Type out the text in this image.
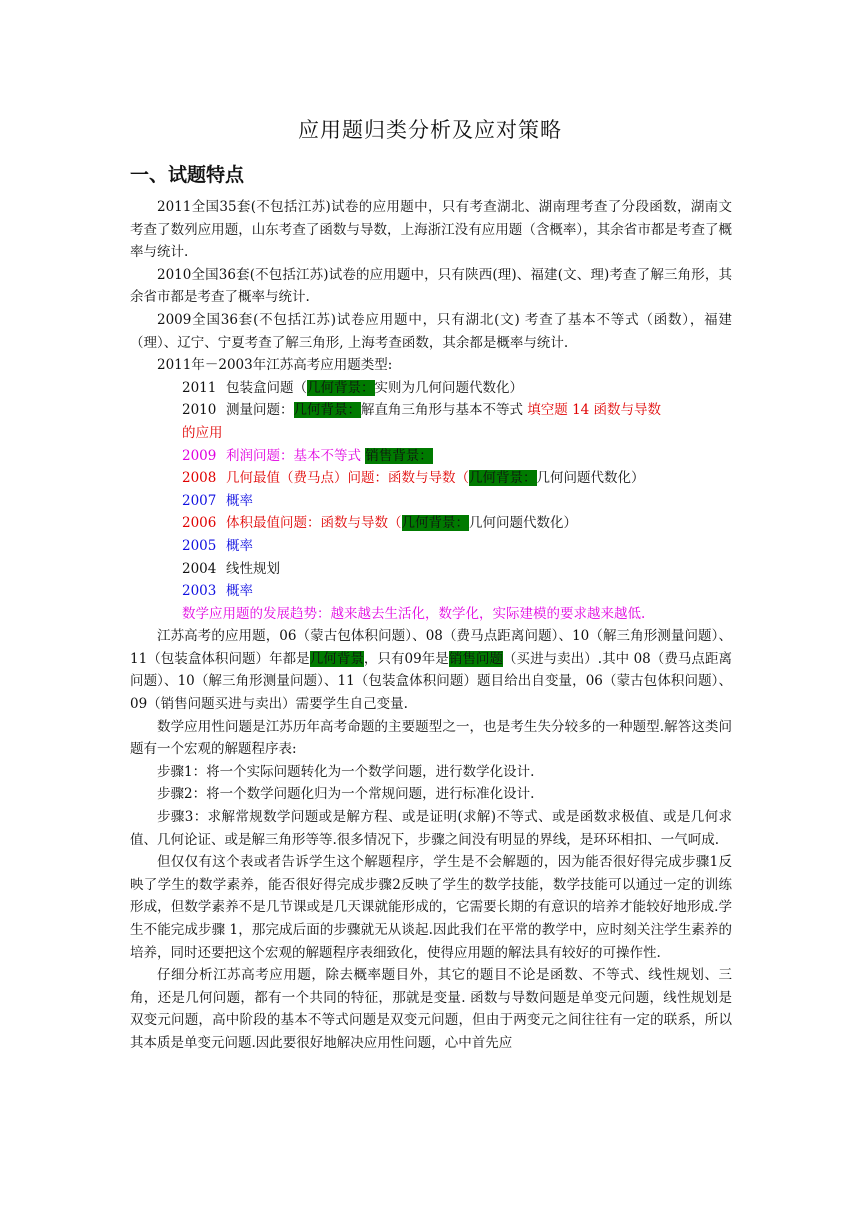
应用题归类分析及应对策略
一、试题特点

2011全国35套(不包括江苏)试卷的应用题中，只有考查湖北、湖南理考查了分段函数，湖南文考查了数列应用题，山东考查了函数与导数，上海浙江没有应用题（含概率），其余省市都是考查了概率与统计.

2010全国36套(不包括江苏)试卷的应用题中，只有陕西(理)、福建(文、理)考查了解三角形，其余省市都是考查了概率与统计.

2009全国36套(不包括江苏)试卷应用题中，只有湖北(文) 考查了基本不等式（函数），福建（理）、辽宁、宁夏考查了解三角形, 上海考查函数，其余都是概率与统计.

2011年－2003年江苏高考应用题类型:

2011 包装盒问题（几何背景：实则为几何问题代数化）

2010 测量问题：几何背景：解直角三角形与基本不等式 填空题 14 函数与导数
的应用

2009 利润问题：基本不等式 销售背景：

2008 几何最值（费马点）问题：函数与导数（几何背景：几何问题代数化）

2007 概率

2006 体积最值问题：函数与导数（几何背景：几何问题代数化）

2005 概率

2004 线性规划

2003 概率

数学应用题的发展趋势：越来越去生活化，数学化，实际建模的要求越来越低.

江苏高考的应用题，06（蒙古包体积问题）、08（费马点距离问题）、10（解三角形测量问题）、11（包装盒体积问题）年都是几何背景，只有09年是销售问题（买进与卖出）.其中 08（费马点距离问题）、10（解三角形测量问题）、11（包装盒体积问题）题目给出自变量，06（蒙古包体积问题）、09（销售问题买进与卖出）需要学生自己变量.

数学应用性问题是江苏历年高考命题的主要题型之一，也是考生失分较多的一种题型.解答这类问题有一个宏观的解题程序表:

步骤1：将一个实际问题转化为一个数学问题，进行数学化设计.

步骤2：将一个数学问题化归为一个常规问题，进行标准化设计.

步骤3：求解常规数学问题或是解方程、或是证明(求解)不等式、或是函数求极值、或是几何求值、几何论证、或是解三角形等等.很多情况下，步骤之间没有明显的界线，是环环相扣、一气呵成.

但仅仅有这个表或者告诉学生这个解题程序，学生是不会解题的，因为能否很好得完成步骤1反映了学生的数学素养，能否很好得完成步骤2反映了学生的数学技能，数学技能可以通过一定的训练形成，但数学素养不是几节课或是几天课就能形成的，它需要长期的有意识的培养才能较好地形成.学生不能完成步骤 1，那完成后面的步骤就无从谈起.因此我们在平常的教学中，应时刻关注学生素养的培养，同时还要把这个宏观的解题程序表细致化，使得应用题的解法具有较好的可操作性.

仔细分析江苏高考应用题，除去概率题目外，其它的题目不论是函数、不等式、线性规划、三角，还是几何问题，都有一个共同的特征，那就是变量. 函数与导数问题是单变元问题，线性规划是双变元问题，高中阶段的基本不等式问题是双变元问题，但由于两变元之间往往有一定的联系，所以其本质是单变元问题.因此要很好地解决应用性问题，心中首先应
